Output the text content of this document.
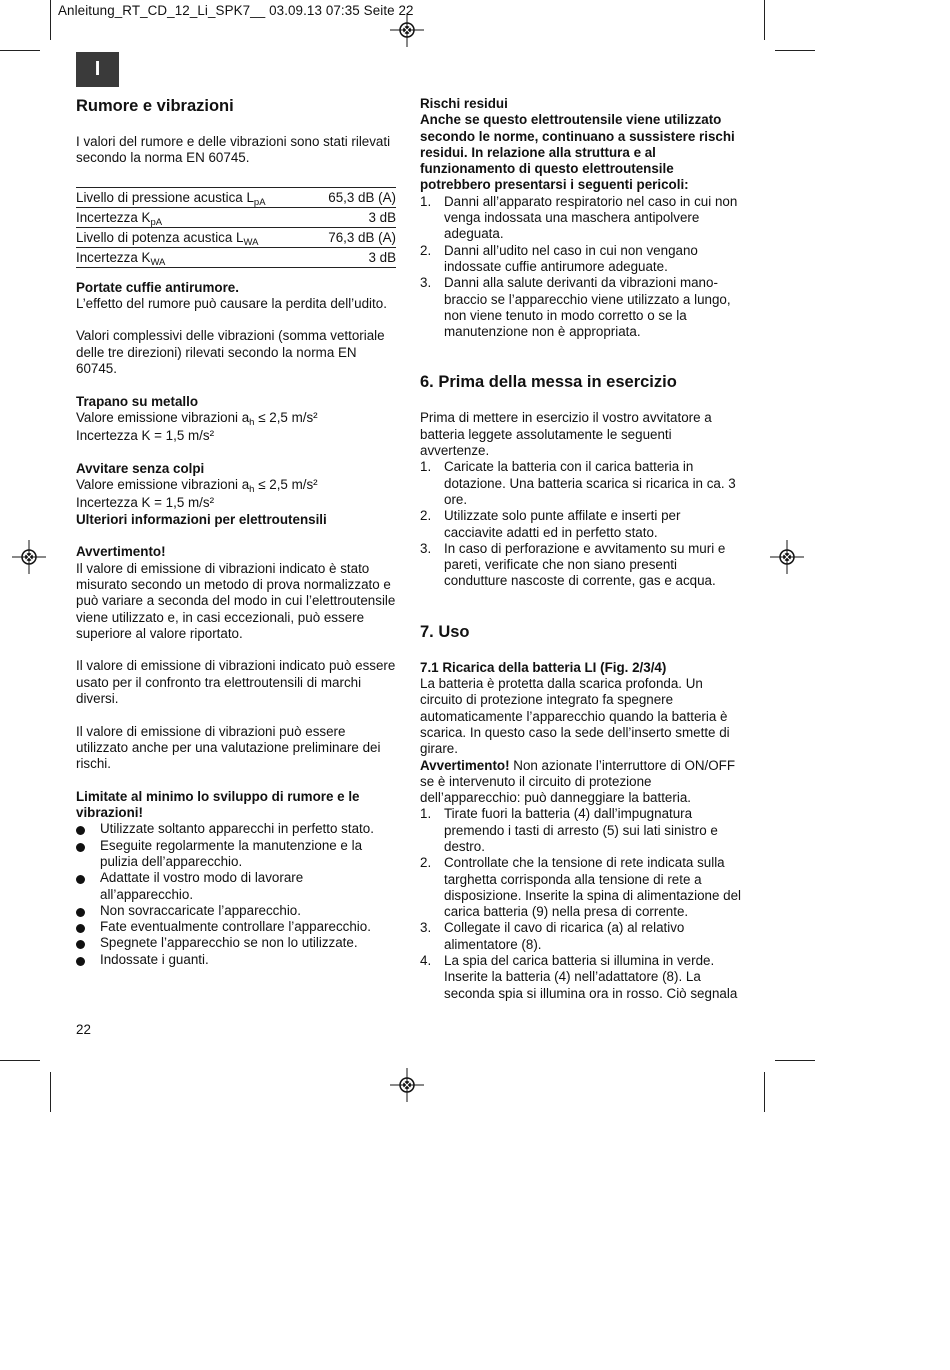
Anleitung_RT_CD_12_Li_SPK7__ 03.09.13 07:35 Seite 22
I
Rumore e vibrazioni

I valori del rumore e delle vibrazioni sono stati rilevati secondo la norma EN 60745.

Livello di pressione acustica $L_{pA}$	65,3 dB (A)
Incertezza $K_{pA}$	3 dB
Livello di potenza acustica $L_{WA}$	76,3 dB (A)
Incertezza $K_{WA}$	3 dB

Portate cuffie antirumore.

L’effetto del rumore può causare la perdita dell’udito.

Valori complessivi delle vibrazioni (somma vettoriale delle tre direzioni) rilevati secondo la norma EN 60745.

Trapano su metallo

Valore emissione vibrazioni $a_h \le 2,5$ m/s²

Incertezza K = 1,5 m/s²

Avvitare senza colpi

Valore emissione vibrazioni $a_h \le 2,5$ m/s²

Incertezza K = 1,5 m/s²

Ulteriori informazioni per elettroutensili

Avvertimento!

Il valore di emissione di vibrazioni indicato è stato misurato secondo un metodo di prova normalizzato e può variare a seconda del modo in cui l’elettroutensile viene utilizzato e, in casi eccezionali, può essere superiore al valore riportato.

Il valore di emissione di vibrazioni indicato può essere usato per il confronto tra elettroutensili di marchi diversi.

Il valore di emissione di vibrazioni può essere utilizzato anche per una valutazione preliminare dei rischi.

Limitate al minimo lo sviluppo di rumore e le vibrazioni!

Utilizzate soltanto apparecchi in perfetto stato.
Eseguite regolarmente la manutenzione e la pulizia dell’apparecchio.
Adattate il vostro modo di lavorare all’apparecchio.
Non sovraccaricate l’apparecchio.
Fate eventualmente controllare l’apparecchio.
Spegnete l’apparecchio se non lo utilizzate.
Indossate i guanti.

Rischi residui

Anche se questo elettroutensile viene utilizzato secondo le norme, continuano a sussistere rischi residui. In relazione alla struttura e al funzionamento di questo elettroutensile potrebbero presentarsi i seguenti pericoli:

1. Danni all’apparato respiratorio nel caso in cui non venga indossata una maschera antipolvere adeguata.
2. Danni all’udito nel caso in cui non vengano indossate cuffie antirumore adeguate.
3. Danni alla salute derivanti da vibrazioni mano-braccio se l’apparecchio viene utilizzato a lungo, non viene tenuto in modo corretto o se la manutenzione non è appropriata.
6. Prima della messa in esercizio

Prima di mettere in esercizio il vostro avvitatore a batteria leggete assolutamente le seguenti avvertenze.

1. Caricate la batteria con il carica batteria in dotazione. Una batteria scarica si ricarica in ca. 3 ore.
2. Utilizzate solo punte affilate e inserti per cacciavite adatti ed in perfetto stato.
3. In caso di perforazione e avvitamento su muri e pareti, verificate che non siano presenti condutture nascoste di corrente, gas e acqua.
7. Uso

7.1 Ricarica della batteria LI (Fig. 2/3/4)

La batteria è protetta dalla scarica profonda. Un circuito di protezione integrato fa spegnere automaticamente l’apparecchio quando la batteria è scarica. In questo caso la sede dell’inserto smette di girare.

Avvertimento! Non azionate l’interruttore di ON/OFF se è intervenuto il circuito di protezione dell’apparecchio: può danneggiare la batteria.

1. Tirate fuori la batteria (4) dall’impugnatura premendo i tasti di arresto (5) sui lati sinistro e destro.
2. Controllate che la tensione di rete indicata sulla targhetta corrisponda alla tensione di rete a disposizione. Inserite la spina di alimentazione del carica batteria (9) nella presa di corrente.
3. Collegate il cavo di ricarica (a) al relativo alimentatore (8).
4. La spia del carica batteria si illumina in verde. Inserite la batteria (4) nell’adattatore (8). La seconda spia si illumina ora in rosso. Ciò segnala
22
